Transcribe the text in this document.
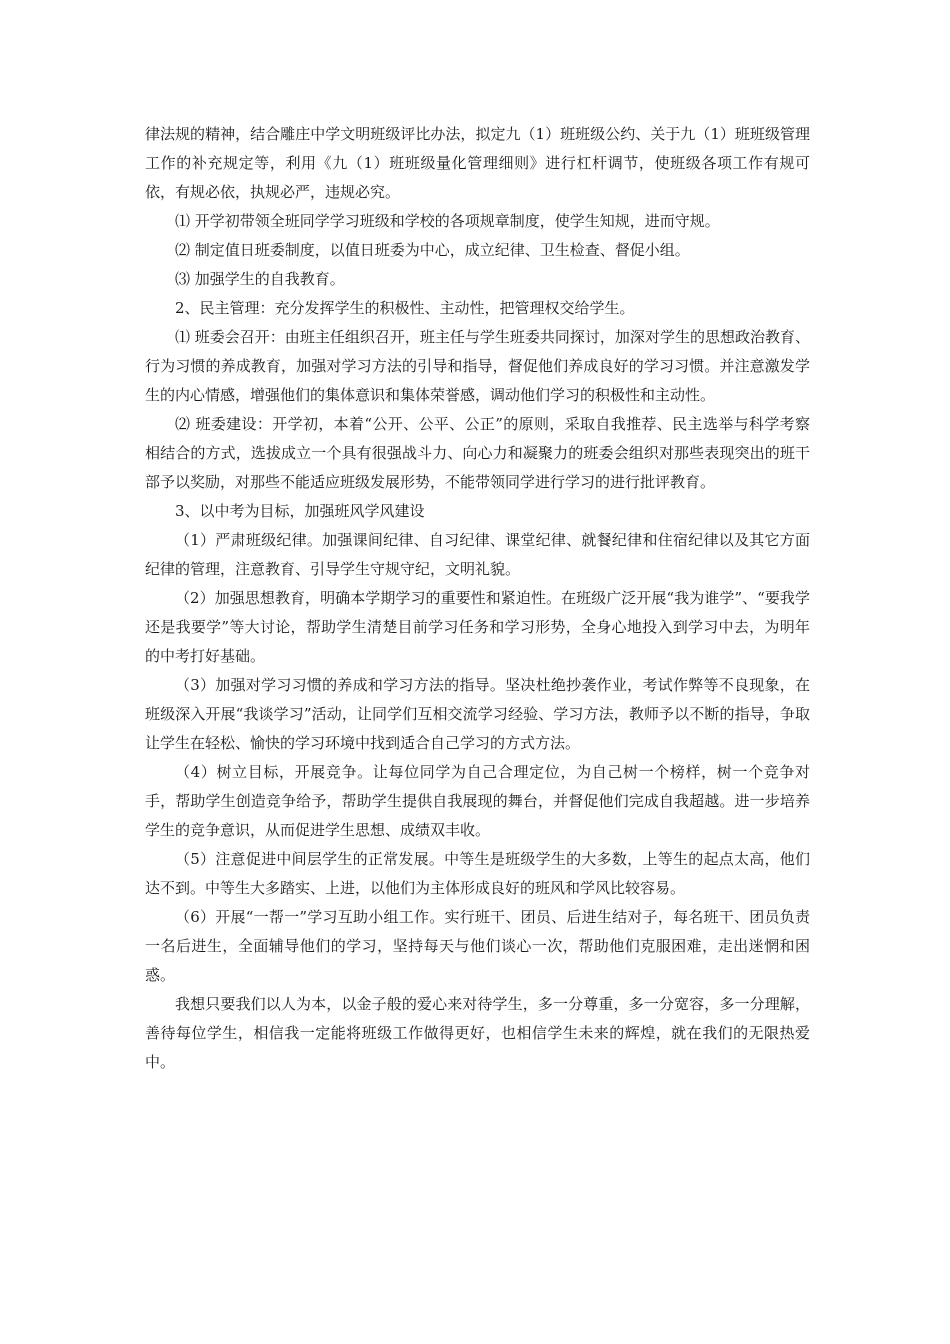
律法规的精神，结合雕庄中学文明班级评比办法，拟定九（1）班班级公约、关于九（1）班班级管理工作的补充规定等，利用《九（1）班班级量化管理细则》进行杠杆调节，使班级各项工作有规可依，有规必依，执规必严，违规必究。

⑴ 开学初带领全班同学学习班级和学校的各项规章制度，使学生知规，进而守规。

⑵ 制定值日班委制度，以值日班委为中心，成立纪律、卫生检查、督促小组。

⑶ 加强学生的自我教育。

2、民主管理：充分发挥学生的积极性、主动性，把管理权交给学生。

⑴ 班委会召开：由班主任组织召开，班主任与学生班委共同探讨，加深对学生的思想政治教育、行为习惯的养成教育，加强对学习方法的引导和指导，督促他们养成良好的学习习惯。并注意激发学生的内心情感，增强他们的集体意识和集体荣誉感，调动他们学习的积极性和主动性。

⑵ 班委建设：开学初，本着“公开、公平、公正”的原则，采取自我推荐、民主选举与科学考察相结合的方式，选拔成立一个具有很强战斗力、向心力和凝聚力的班委会组织对那些表现突出的班干部予以奖励，对那些不能适应班级发展形势，不能带领同学进行学习的进行批评教育。

3、以中考为目标，加强班风学风建设

（1）严肃班级纪律。加强课间纪律、自习纪律、课堂纪律、就餐纪律和住宿纪律以及其它方面纪律的管理，注意教育、引导学生守规守纪，文明礼貌。

（2）加强思想教育，明确本学期学习的重要性和紧迫性。在班级广泛开展“我为谁学”、“要我学还是我要学”等大讨论，帮助学生清楚目前学习任务和学习形势，全身心地投入到学习中去，为明年的中考打好基础。

（3）加强对学习习惯的养成和学习方法的指导。坚决杜绝抄袭作业，考试作弊等不良现象，在班级深入开展“我谈学习”活动，让同学们互相交流学习经验、学习方法，教师予以不断的指导，争取让学生在轻松、愉快的学习环境中找到适合自己学习的方式方法。

（4）树立目标，开展竞争。让每位同学为自己合理定位，为自己树一个榜样，树一个竞争对手，帮助学生创造竞争给予，帮助学生提供自我展现的舞台，并督促他们完成自我超越。进一步培养学生的竞争意识，从而促进学生思想、成绩双丰收。

（5）注意促进中间层学生的正常发展。中等生是班级学生的大多数，上等生的起点太高，他们达不到。中等生大多踏实、上进，以他们为主体形成良好的班风和学风比较容易。

（6）开展“一帮一”学习互助小组工作。实行班干、团员、后进生结对子，每名班干、团员负责一名后进生，全面辅导他们的学习，坚持每天与他们谈心一次，帮助他们克服困难，走出迷惘和困惑。

我想只要我们以人为本，以金子般的爱心来对待学生，多一分尊重，多一分宽容，多一分理解，善待每位学生，相信我一定能将班级工作做得更好，也相信学生未来的辉煌，就在我们的无限热爱中。
